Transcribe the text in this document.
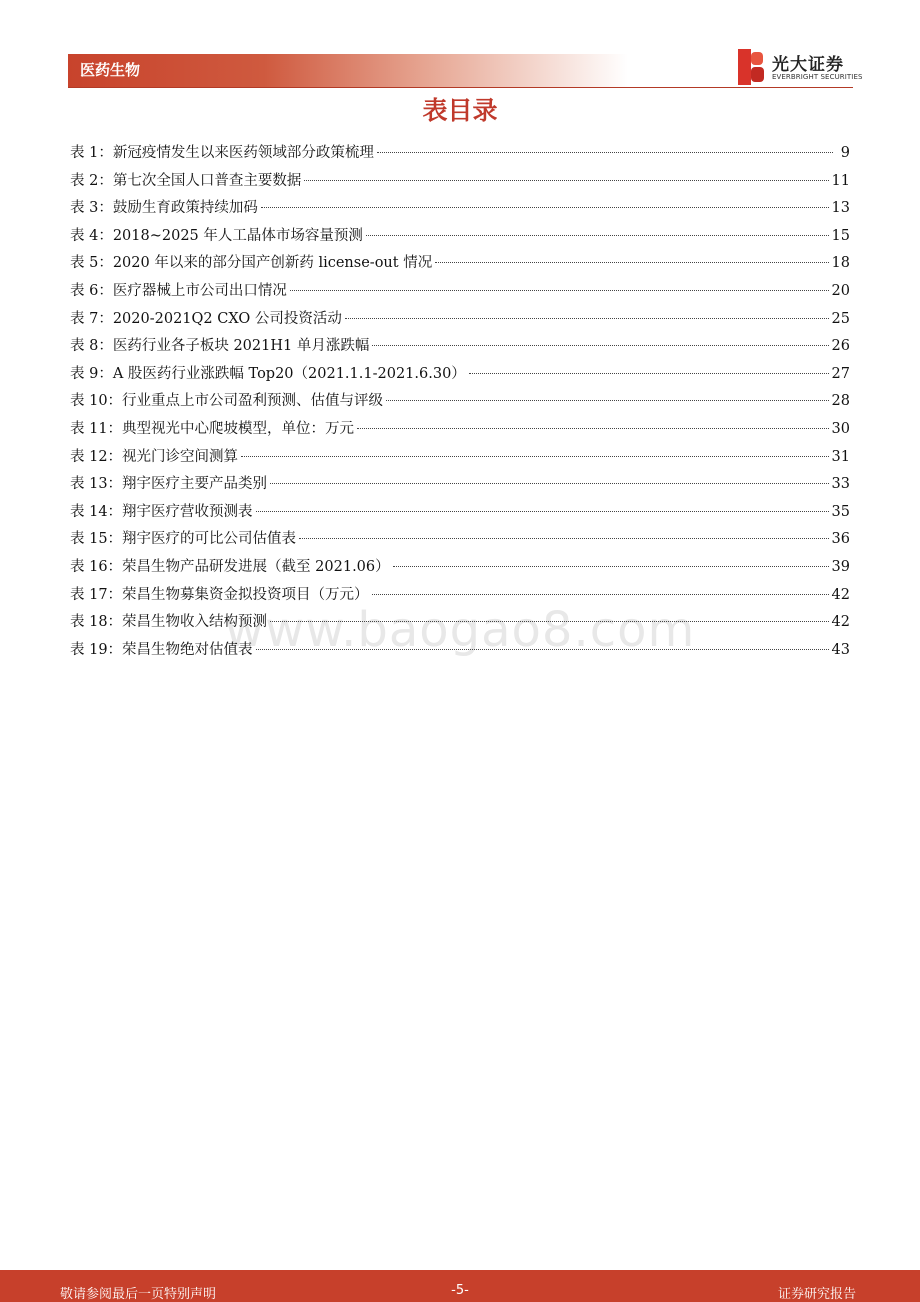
医药生物	光大证券
EVERBRIGHT SECURITIES
表目录
www.baogao8.com
表 1：新冠疫情发生以来医药领域部分政策梳理	9
表 2：第七次全国人口普查主要数据	11
表 3：鼓励生育政策持续加码	13
表 4：2018~2025 年人工晶体市场容量预测	15
表 5：2020 年以来的部分国产创新药 license-out 情况	18
表 6：医疗器械上市公司出口情况	20
表 7：2020-2021Q2 CXO 公司投资活动	25
表 8：医药行业各子板块 2021H1 单月涨跌幅	26
表 9：A 股医药行业涨跌幅 Top20（2021.1.1-2021.6.30）	27
表 10：行业重点上市公司盈利预测、估值与评级	28
表 11：典型视光中心爬坡模型，单位：万元	30
表 12：视光门诊空间测算	31
表 13：翔宇医疗主要产品类别	33
表 14：翔宇医疗营收预测表	35
表 15：翔宇医疗的可比公司估值表	36
表 16：荣昌生物产品研发进展（截至 2021.06）	39
表 17：荣昌生物募集资金拟投资项目（万元）	42
表 18：荣昌生物收入结构预测	42
表 19：荣昌生物绝对估值表	43
敬请参阅最后一页特别声明	-5-	证券研究报告
